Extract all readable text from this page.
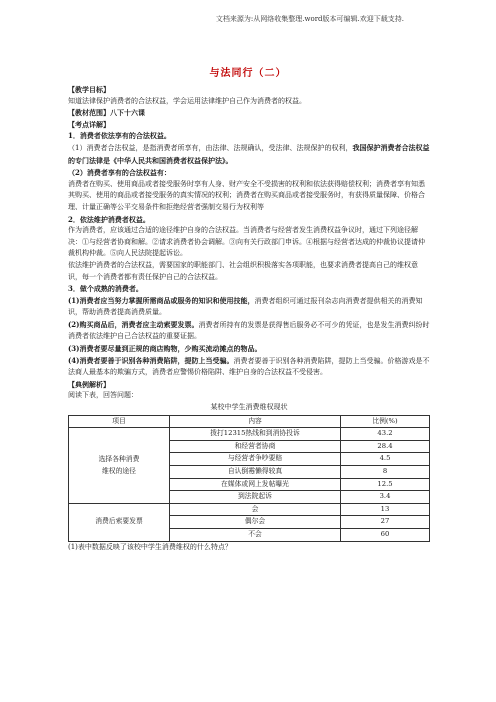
文档来源为:从网络收集整理.word版本可编辑.欢迎下载支持.
与法同行（二）

【教学目标】

知道法律保护消费者的合法权益，学会运用法律维护自己作为消费者的权益。

【教材范围】八下十六课

【考点详解】

1．消费者依法享有的合法权益。

（1）消费者合法权益，是指消费者所享有，由法律、法规确认，受法律、法规保护的权利，我国保护消费者合法权益的专门法律是《中华人民共和国消费者权益保护法》。

（2）消费者享有的合法权益有：

消费者在购买、使用商品或者接受服务时享有人身、财产安全不受损害的权利和依法获得赔偿权利；消费者享有知悉其购买、使用的商品或者接受服务的真实情况的权利；消费者在购买商品或者接受服务时，有获得质量保障、价格合理、计量正确等公平交易条件和拒绝经营者强制交易行为权利等

2．依法维护消费者权益。

作为消费者，应该通过合适的途径维护自身的合法权益。当消费者与经营者发生消费权益争议时，通过下列途径解决：①与经营者协商和解。②请求消费者协会调解。③向有关行政部门申诉。④根据与经营者达成的仲裁协议提请仲裁机构仲裁。⑤向人民法院提起诉讼。

依法维护消费者的合法权益，需要国家的职能部门、社会组织积极落实各项职能，也要求消费者提高自己的维权意识，每一个消费者都有责任保护自己的合法权益。

3．做个成熟的消费者。

(1)消费者应当努力掌握所需商品或服务的知识和使用技能，消费者组织可通过报刊杂志向消费者提供相关的消费知识，帮助消费者提高消费质量。

(2)购买商品后，消费者应主动索要发票。消费者所持有的发票是获得售后服务必不可少的凭证，也是发生消费纠纷时消费者依法维护自己合法权益的重要证据。

(3)消费者要尽量到正规的商店购物，少购买流动摊点的物品。

(4)消费者要善于识别各种消费陷阱，提防上当受骗。消费者要善于识别各种消费陷阱，提防上当受骗。价格游戏是不法商人最基本的欺骗方式，消费者应警惕价格陷阱、维护自身的合法权益不受侵害。

【典例解析】

阅读下表，回答问题：

某校中学生消费维权现状

项目	内容	比例(%)
选择各种消费
维权的途径	拨打12315热线和到消协投诉	43.2
	和经营者协商	28.4
	与经营者争吵要赔	4.5
	自认倒霉懒得较真	8
	在媒体或网上发帖曝光	12.5
	到法院起诉	3.4
消费后索要发票	会	13
	偶尔会	27
	不会	60

(1)表中数据反映了该校中学生消费维权的什么特点？
